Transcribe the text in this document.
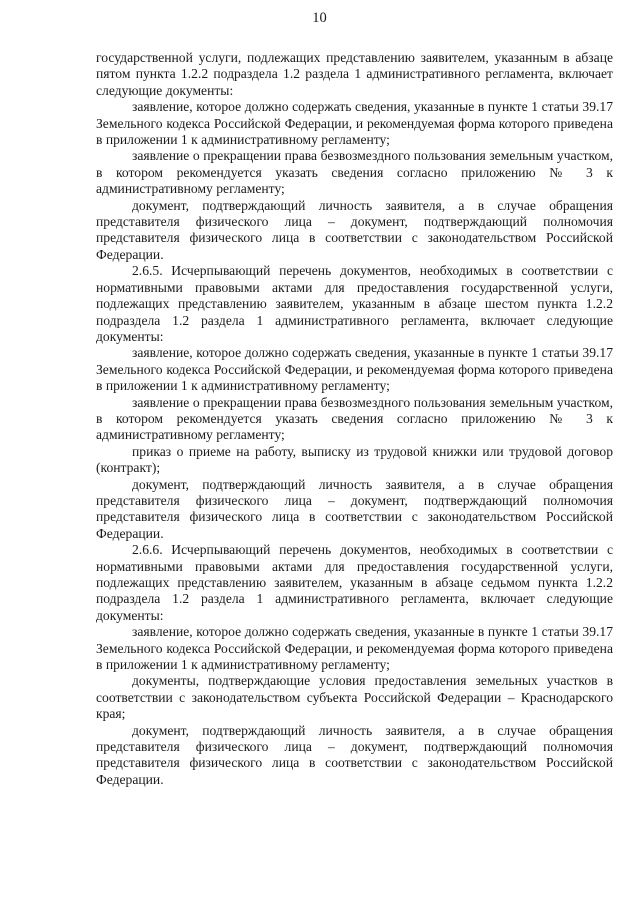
10

государственной услуги, подлежащих представлению заявителем, указанным в абзаце пятом пункта 1.2.2 подраздела 1.2 раздела 1 административного регламента, включает следующие документы:

заявление, которое должно содержать сведения, указанные в пункте 1 статьи 39.17 Земельного кодекса Российской Федерации, и рекомендуемая форма которого приведена в приложении 1 к административному регламенту;

заявление о прекращении права безвозмездного пользования земельным участком, в котором рекомендуется указать сведения согласно приложению № 3 к административному регламенту;

документ, подтверждающий личность заявителя, а в случае обращения представителя физического лица – документ, подтверждающий полномочия представителя физического лица в соответствии с законодательством Российской Федерации.

2.6.5. Исчерпывающий перечень документов, необходимых в соответствии с нормативными правовыми актами для предоставления государственной услуги, подлежащих представлению заявителем, указанным в абзаце шестом пункта 1.2.2 подраздела 1.2 раздела 1 административного регламента, включает следующие документы:

заявление, которое должно содержать сведения, указанные в пункте 1 статьи 39.17 Земельного кодекса Российской Федерации, и рекомендуемая форма которого приведена в приложении 1 к административному регламенту;

заявление о прекращении права безвозмездного пользования земельным участком, в котором рекомендуется указать сведения согласно приложению № 3 к административному регламенту;

приказ о приеме на работу, выписку из трудовой книжки или трудовой договор (контракт);

документ, подтверждающий личность заявителя, а в случае обращения представителя физического лица – документ, подтверждающий полномочия представителя физического лица в соответствии с законодательством Российской Федерации.

2.6.6. Исчерпывающий перечень документов, необходимых в соответствии с нормативными правовыми актами для предоставления государственной услуги, подлежащих представлению заявителем, указанным в абзаце седьмом пункта 1.2.2 подраздела 1.2 раздела 1 административного регламента, включает следующие документы:

заявление, которое должно содержать сведения, указанные в пункте 1 статьи 39.17 Земельного кодекса Российской Федерации, и рекомендуемая форма которого приведена в приложении 1 к административному регламенту;

документы, подтверждающие условия предоставления земельных участков в соответствии с законодательством субъекта Российской Федерации – Краснодарского края;

документ, подтверждающий личность заявителя, а в случае обращения представителя физического лица – документ, подтверждающий полномочия представителя физического лица в соответствии с законодательством Российской Федерации.
